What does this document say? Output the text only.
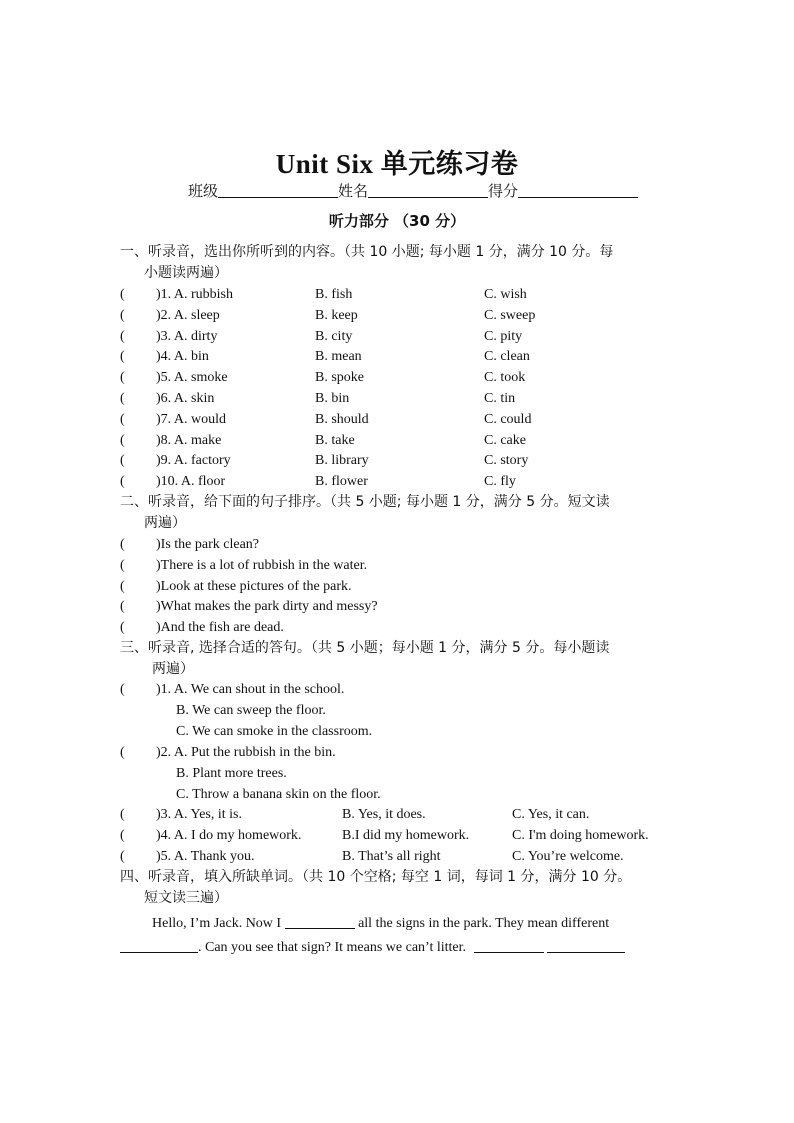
Unit Six 单元练习卷
班级	姓名	得分
听力部分 （30 分）
一、听录音，选出你所听到的内容。（共 10 小题; 每小题 1 分，满分 10 分。每
小题读两遍）
( )1. A. rubbish	B. fish	C. wish
( )2. A. sleep	B. keep	C. sweep
( )3. A. dirty	B. city	C. pity
( )4. A. bin	B. mean	C. clean
( )5. A. smoke	B. spoke	C. took
( )6. A. skin	B. bin	C. tin
( )7. A. would	B. should	C. could
( )8. A. make	B. take	C. cake
( )9. A. factory	B. library	C. story
( )10. A. floor	B. flower	C. fly
二、听录音，给下面的句子排序。（共 5 小题; 每小题 1 分，满分 5 分。短文读
两遍）
( )Is the park clean?
( )There is a lot of rubbish in the water.
( )Look at these pictures of the park.
( )What makes the park dirty and messy?
( )And the fish are dead.
三、听录音, 选择合适的答句。（共 5 小题；每小题 1 分，满分 5 分。每小题读
两遍）
( )1. A. We can shout in the school.
B. We can sweep the floor.
C. We can smoke in the classroom.
( )2. A. Put the rubbish in the bin.
B. Plant more trees.
C. Throw a banana skin on the floor.
( )3. A. Yes, it is.	B. Yes, it does.	C. Yes, it can.
( )4. A. I do my homework.	B.I did my homework.	C. I'm doing homework.
( )5. A. Thank you.	B. That’s all right	C. You’re welcome.
四、听录音，填入所缺单词。（共 10 个空格; 每空 1 词，每词 1 分，满分 10 分。
短文读三遍）
Hello, I’m Jack. Now I	all the signs in the park. They mean different
. Can you see that sign? It means we can’t litter.
